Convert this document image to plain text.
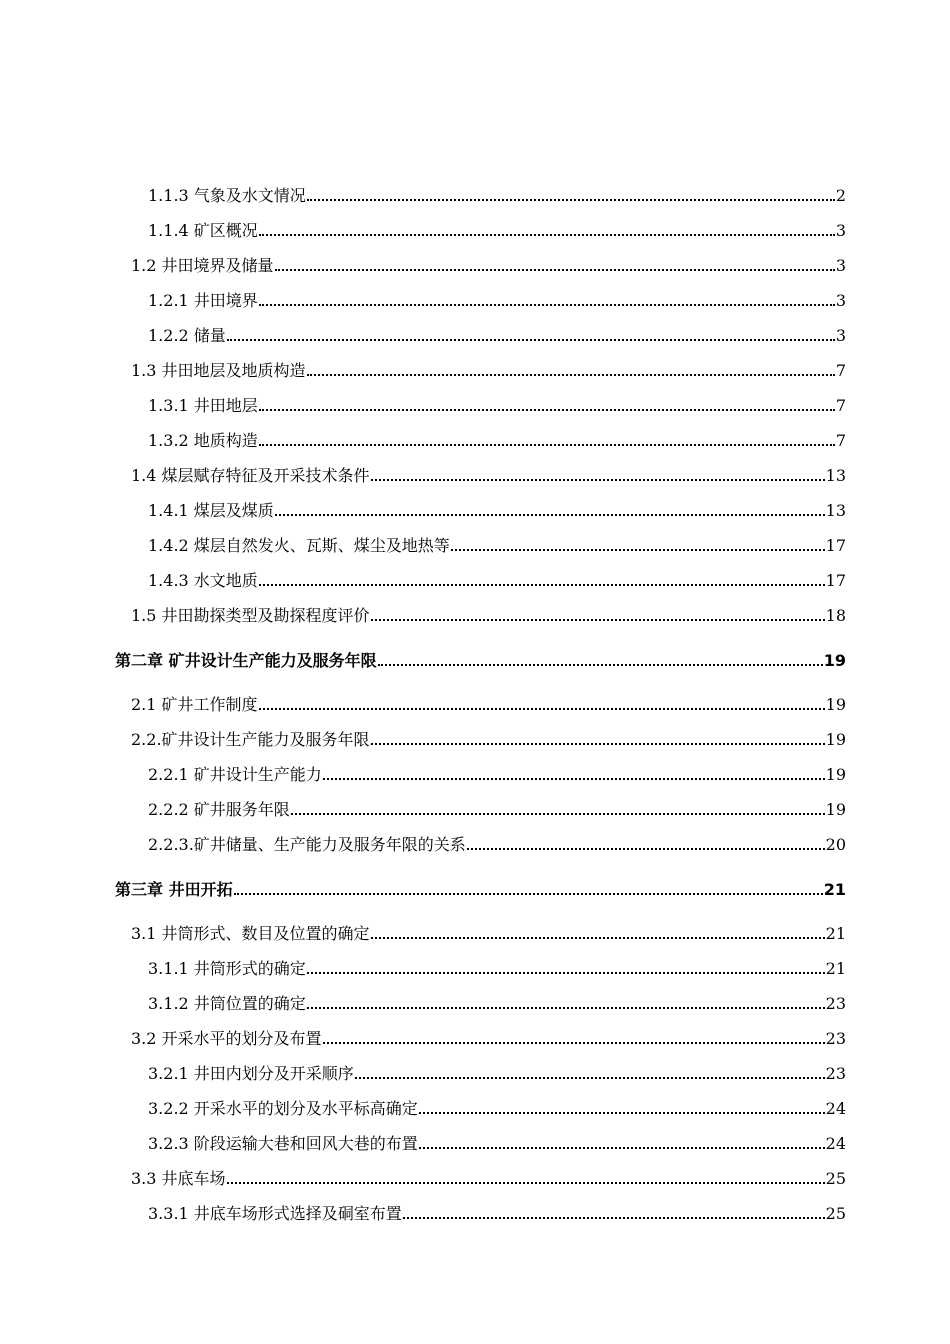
1.1.3 气象及水文情况	2
1.1.4 矿区概况	3
1.2 井田境界及储量	3
1.2.1 井田境界	3
1.2.2 储量	3
1.3 井田地层及地质构造	7
1.3.1 井田地层	7
1.3.2 地质构造	7
1.4 煤层赋存特征及开采技术条件	13
1.4.1 煤层及煤质	13
1.4.2 煤层自然发火、瓦斯、煤尘及地热等	17
1.4.3 水文地质	17
1.5 井田勘探类型及勘探程度评价	18
第二章 矿井设计生产能力及服务年限	19
2.1 矿井工作制度	19
2.2.矿井设计生产能力及服务年限	19
2.2.1 矿井设计生产能力	19
2.2.2 矿井服务年限	19
2.2.3.矿井储量、生产能力及服务年限的关系	20
第三章 井田开拓	21
3.1 井筒形式、数目及位置的确定	21
3.1.1 井筒形式的确定	21
3.1.2 井筒位置的确定	23
3.2 开采水平的划分及布置	23
3.2.1 井田内划分及开采顺序	23
3.2.2 开采水平的划分及水平标高确定	24
3.2.3 阶段运输大巷和回风大巷的布置	24
3.3 井底车场	25
3.3.1 井底车场形式选择及硐室布置	25
